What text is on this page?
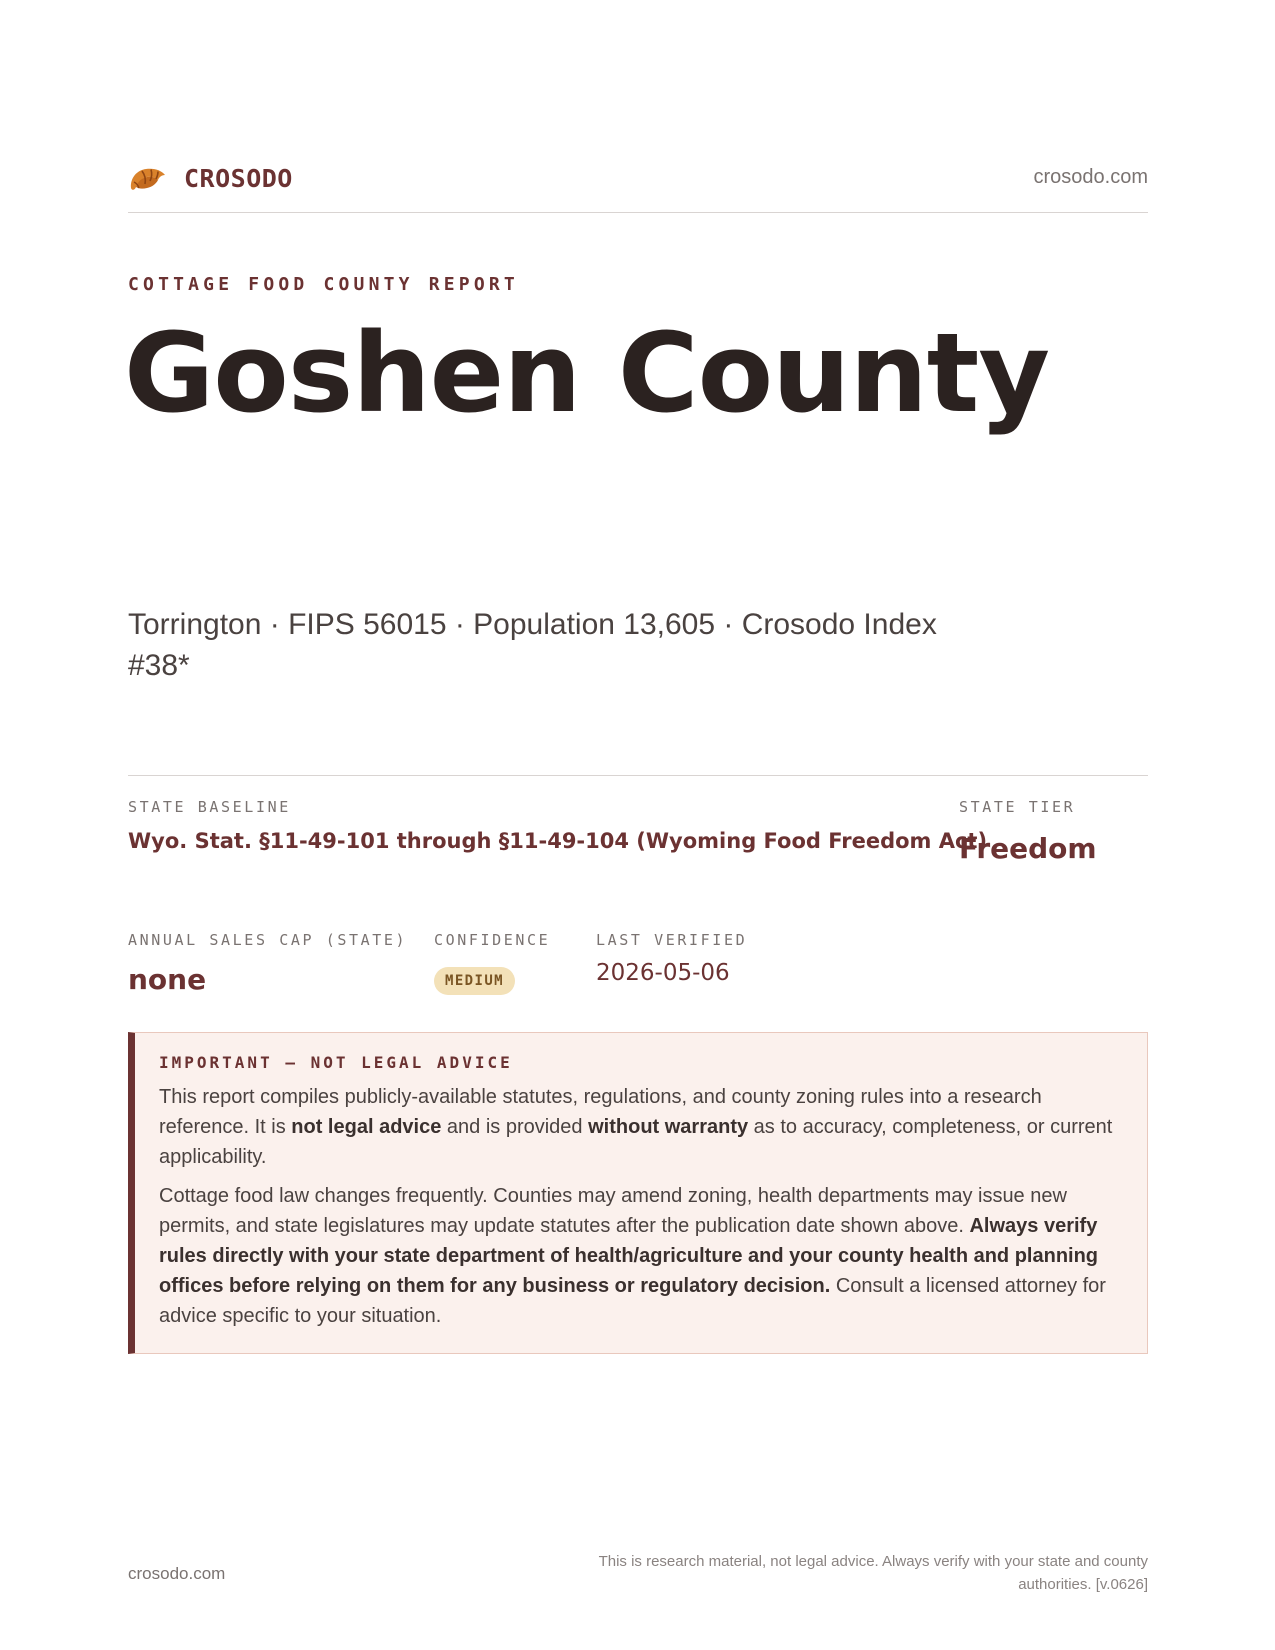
CROSODO	crosodo.com
COTTAGE FOOD COUNTY REPORT
Goshen County
Torrington · FIPS 56015 · Population 13,605 · Crosodo Index #38*
STATE BASELINE
Wyo. Stat. §11-49-101 through §11-49-104 (Wyoming Food Freedom Act)
STATE TIER
Freedom
ANNUAL SALES CAP (STATE)
none
CONFIDENCE
MEDIUM
LAST VERIFIED
2026-05-06
IMPORTANT — NOT LEGAL ADVICE

This report compiles publicly-available statutes, regulations, and county zoning rules into a research reference. It is not legal advice and is provided without warranty as to accuracy, completeness, or current applicability.

Cottage food law changes frequently. Counties may amend zoning, health departments may issue new permits, and state legislatures may update statutes after the publication date shown above. Always verify rules directly with your state department of health/agriculture and your county health and planning offices before relying on them for any business or regulatory decision. Consult a licensed attorney for advice specific to your situation.

crosodo.com
This is research material, not legal advice. Always verify with your state and county authorities. [v.0626]
